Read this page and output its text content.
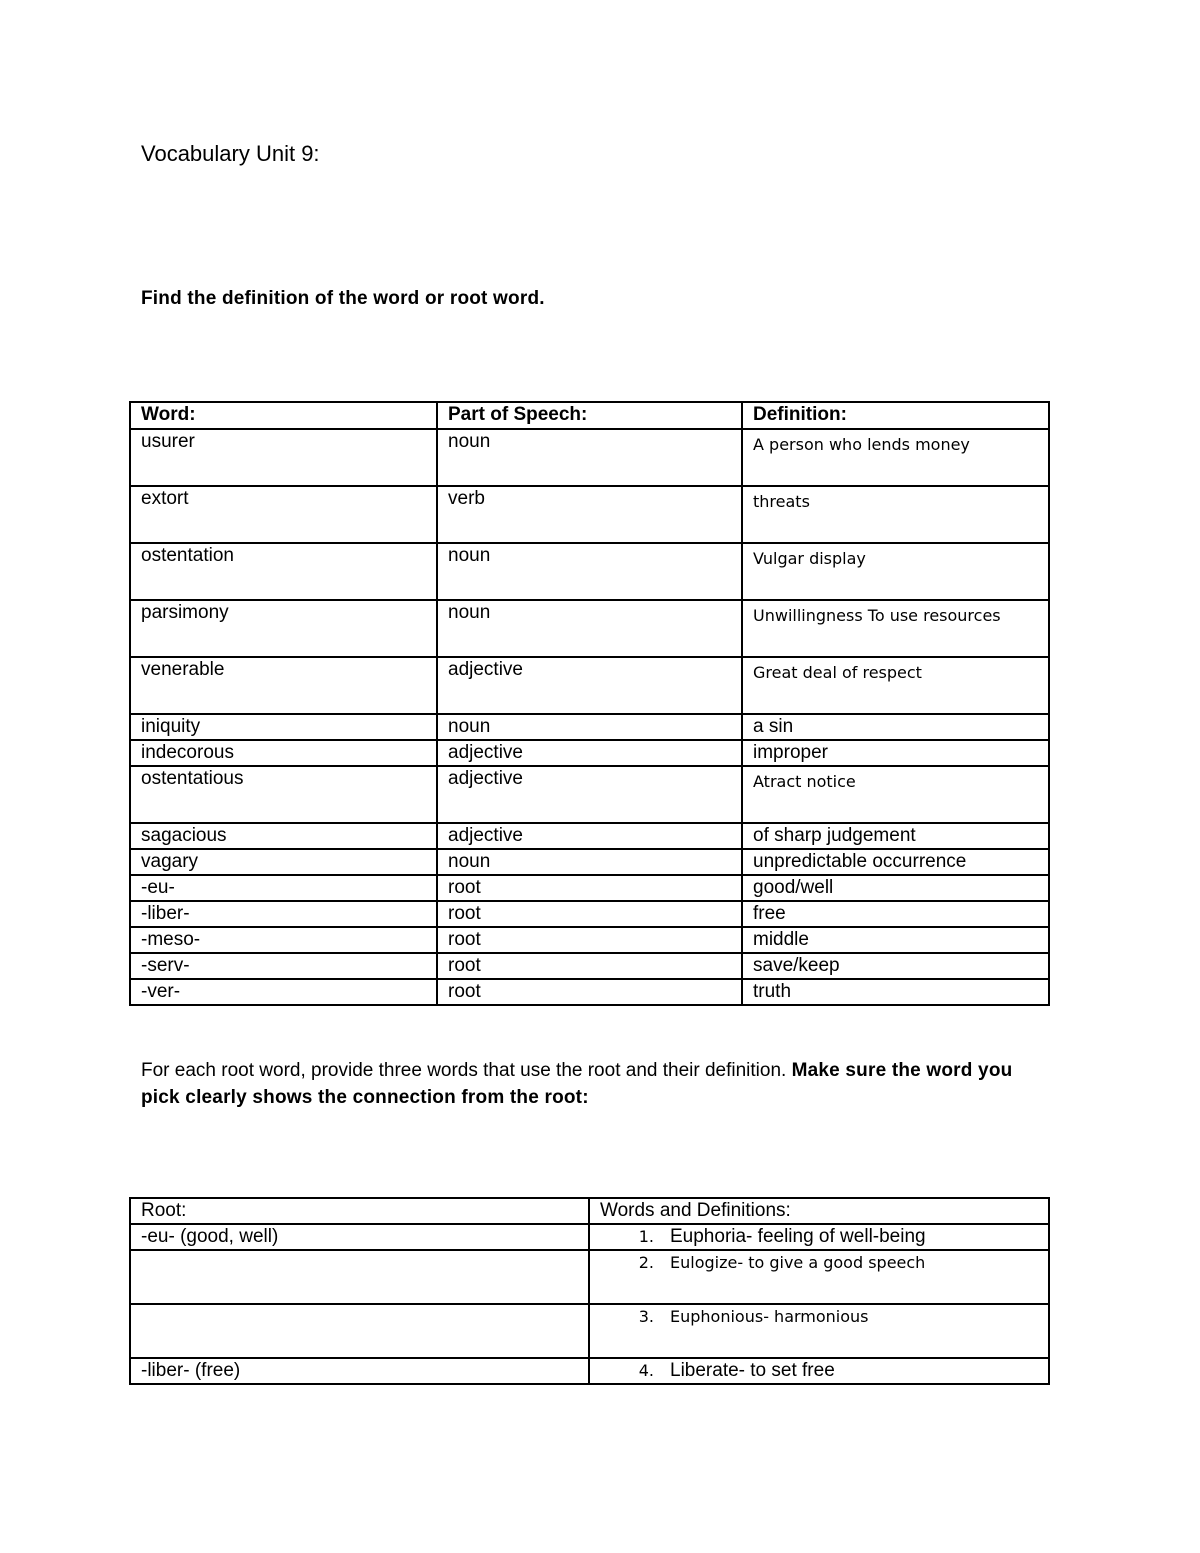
Vocabulary Unit 9:
Find the definition of the word or root word.
Word:	Part of Speech:	Definition:
usurer	noun	A person who lends money
extort	verb	threats
ostentation	noun	Vulgar display
parsimony	noun	Unwillingness To use resources
venerable	adjective	Great deal of respect
iniquity	noun	a sin
indecorous	adjective	improper
ostentatious	adjective	Atract notice
sagacious	adjective	of sharp judgement
vagary	noun	unpredictable occurrence
-eu-	root	good/well
-liber-	root	free
-meso-	root	middle
-serv-	root	save/keep
-ver-	root	truth
For each root word, provide three words that use the root and their definition. Make sure the word you pick clearly shows the connection from the root:
Root:	Words and Definitions:
-eu- (good, well)	1. Euphoria- feeling of well-being
	2. Eulogize- to give a good speech
	3. Euphonious- harmonious
-liber- (free)	4. Liberate- to set free
